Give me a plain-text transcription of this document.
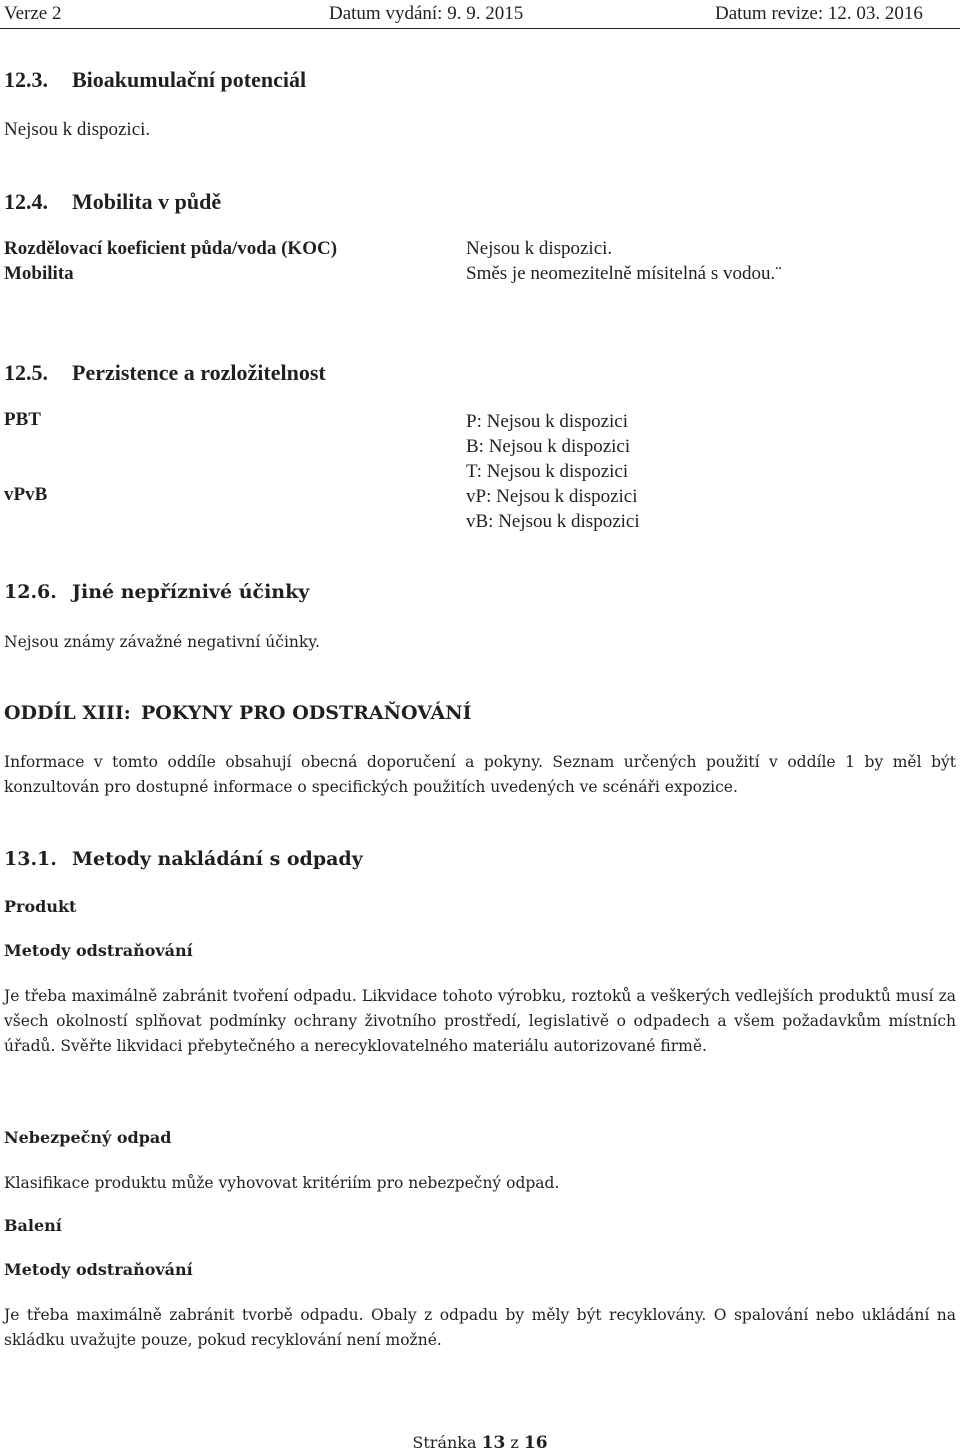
Verze 2	Datum vydání: 9. 9. 2015	Datum revize: 12. 03. 2016
12.3. Bioakumulační potenciál
Nejsou k dispozici.
12.4. Mobilita v půdě
Rozdělovací koeficient půda/voda (KOC)
Mobilita
Nejsou k dispozici.
Směs je neomezitelně mísitelná s vodou.¨
12.5. Perzistence a rozložitelnost
PBT
vPvB
P: Nejsou k dispozici
B: Nejsou k dispozici
T: Nejsou k dispozici
vP: Nejsou k dispozici
vB: Nejsou k dispozici
12.6. Jiné nepříznivé účinky
Nejsou známy závažné negativní účinky.
ODDÍL XIII: POKYNY PRO ODSTRAŇOVÁNÍ
Informace v tomto oddíle obsahují obecná doporučení a pokyny. Seznam určených použití v oddíle 1 by měl být konzultován pro dostupné informace o specifických použitích uvedených ve scénáři expozice.
13.1. Metody nakládání s odpady
Produkt
Metody odstraňování
Je třeba maximálně zabránit tvoření odpadu. Likvidace tohoto výrobku, roztoků a veškerých vedlejších produktů musí za všech okolností splňovat podmínky ochrany životního prostředí, legislativě o odpadech a všem požadavkům místních úřadů. Svěřte likvidaci přebytečného a nerecyklovatelného materiálu autorizované firmě.
Nebezpečný odpad
Klasifikace produktu může vyhovovat kritériím pro nebezpečný odpad.
Balení
Metody odstraňování
Je třeba maximálně zabránit tvorbě odpadu. Obaly z odpadu by měly být recyklovány. O spalování nebo ukládání na skládku uvažujte pouze, pokud recyklování není možné.
Stránka 13 z 16
